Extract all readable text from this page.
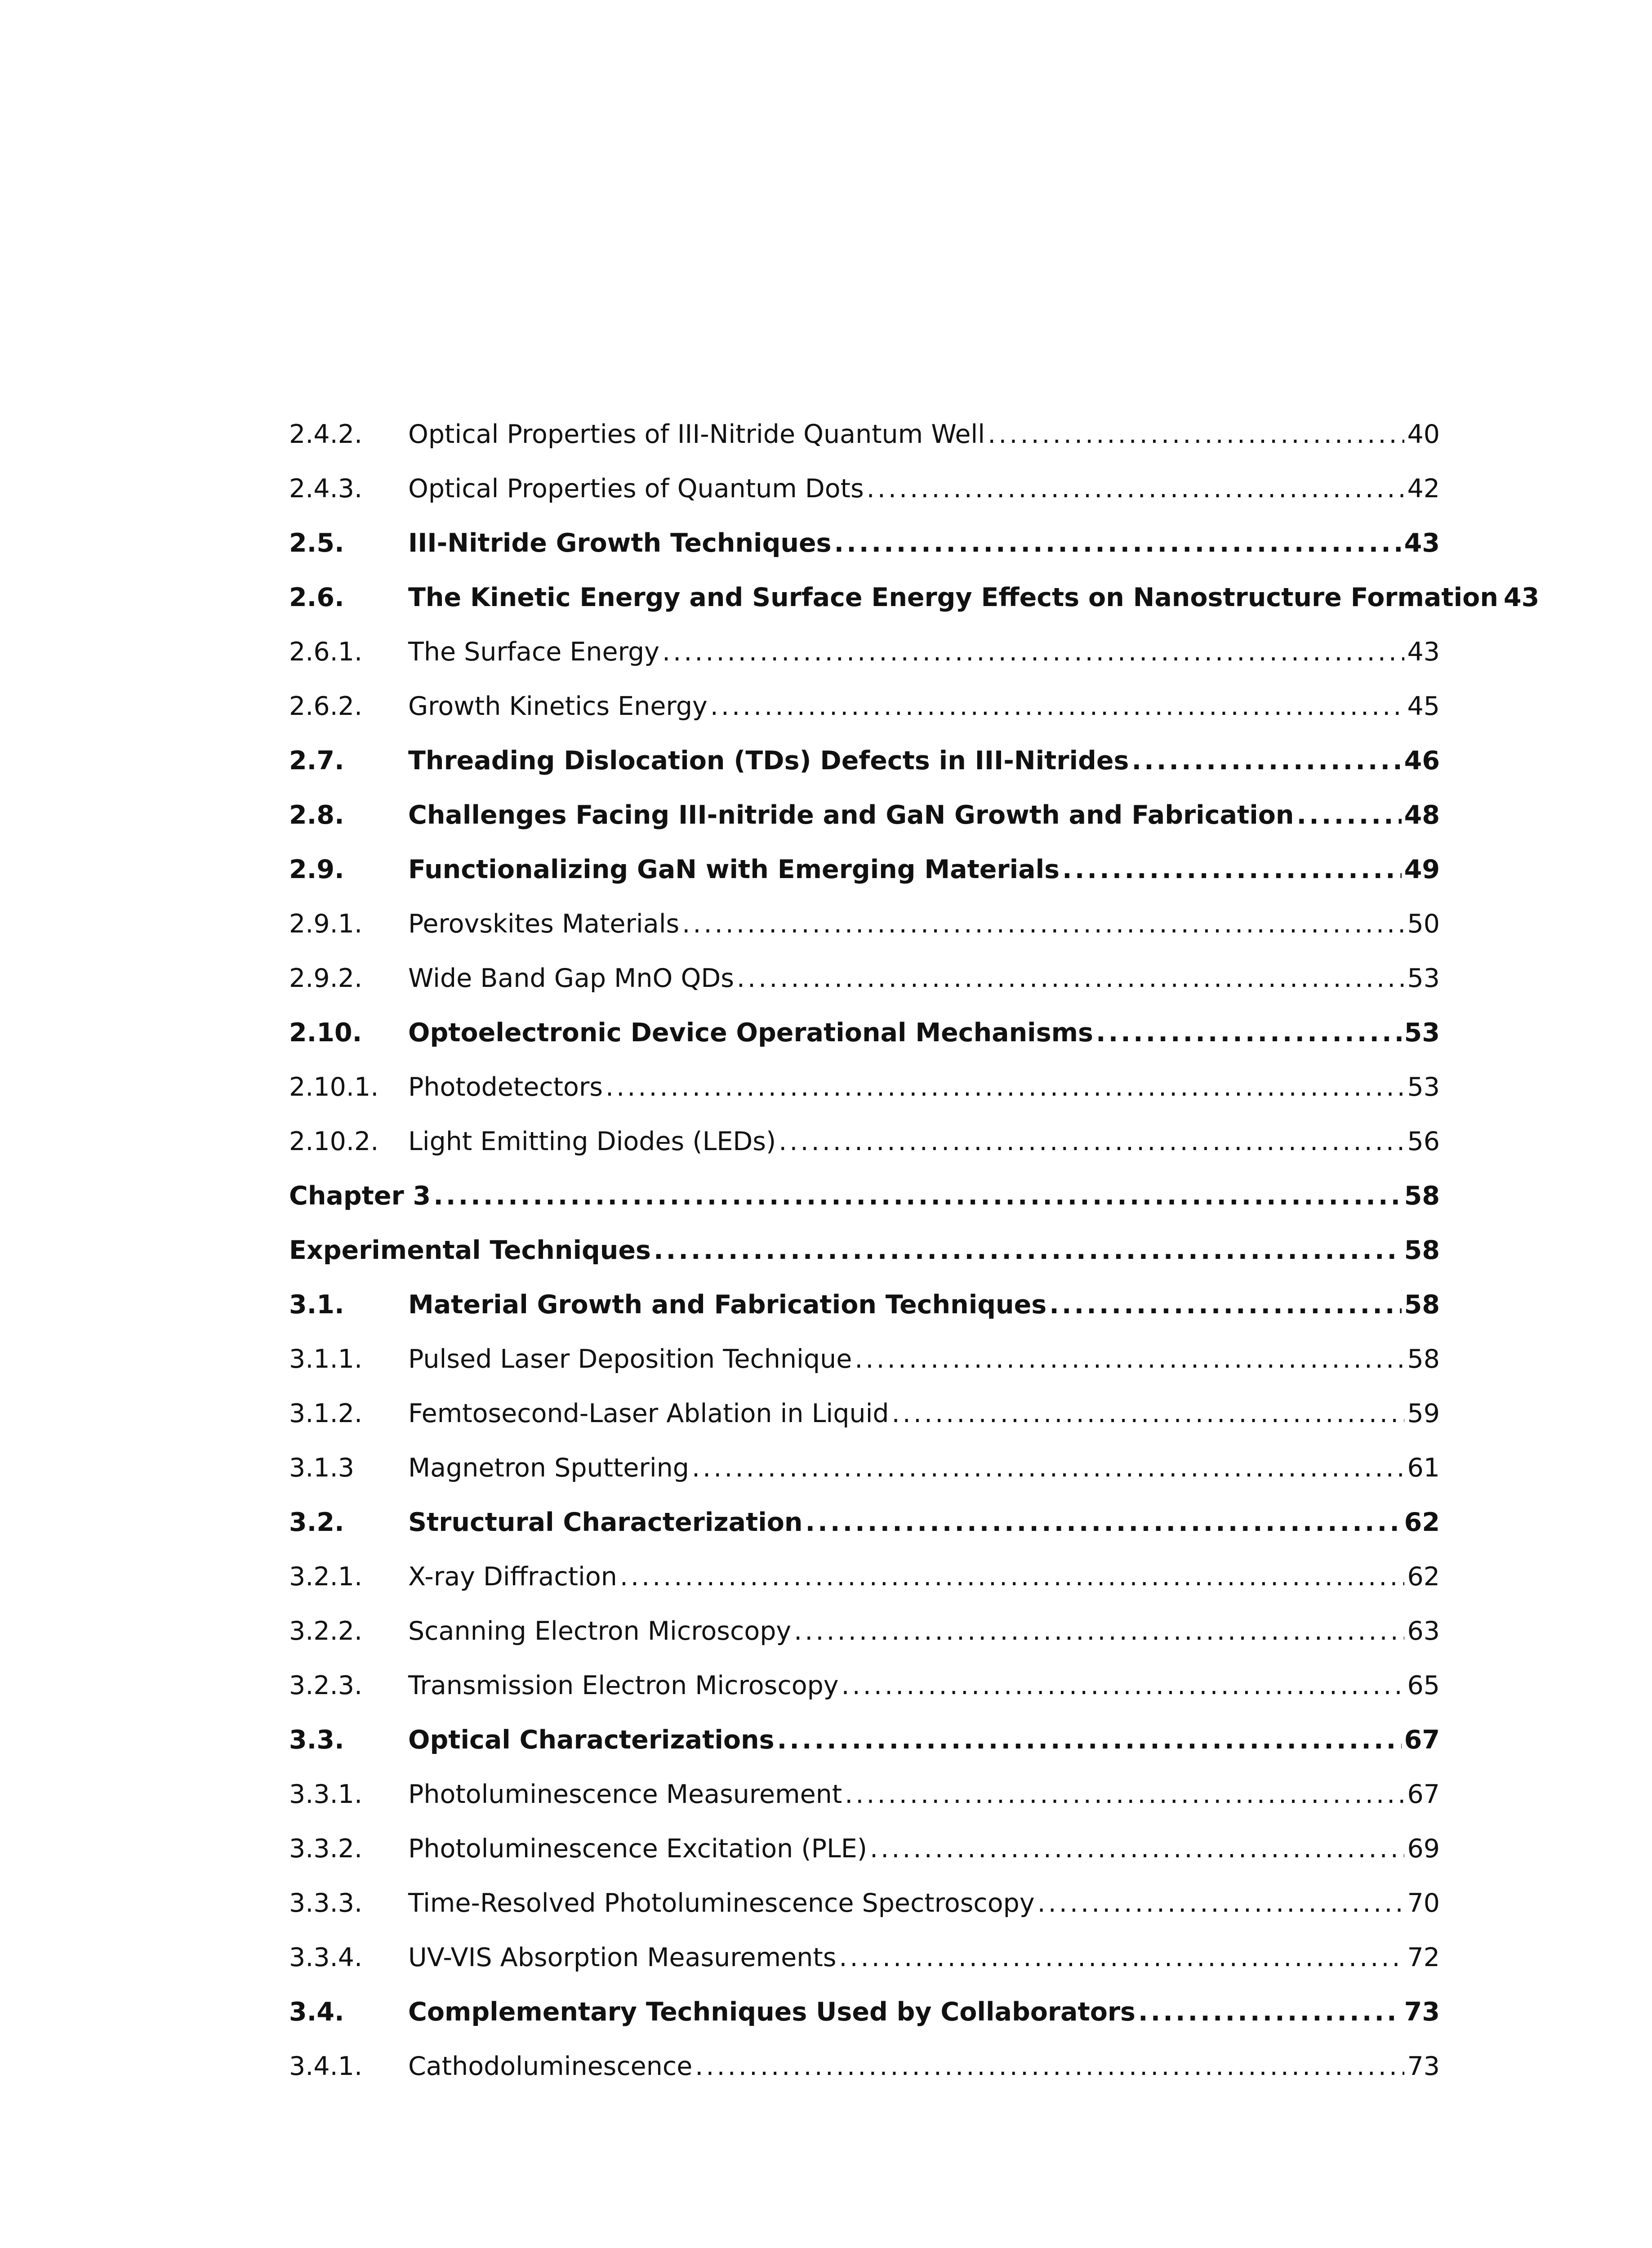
2.4.2.	Optical Properties of III-Nitride Quantum Well .....	40
2.4.3.	Optical Properties of Quantum Dots .....	42
2.5.	III-Nitride Growth Techniques .....	43
2.6.	The Kinetic Energy and Surface Energy Effects on Nanostructure Formation 43
2.6.1.	The Surface Energy .....	43
2.6.2.	Growth Kinetics Energy .....	45
2.7.	Threading Dislocation (TDs) Defects in III-Nitrides .....	46
2.8.	Challenges Facing III-nitride and GaN Growth and Fabrication .....	48
2.9.	Functionalizing GaN with Emerging Materials .....	49
2.9.1.	Perovskites Materials .....	50
2.9.2.	Wide Band Gap MnO QDs .....	53
2.10.	Optoelectronic Device Operational Mechanisms .....	53
2.10.1.	Photodetectors .....	53
2.10.2.	Light Emitting Diodes (LEDs) .....	56
Chapter 3 .....	58
Experimental Techniques .....	58
3.1.	Material Growth and Fabrication Techniques .....	58
3.1.1.	Pulsed Laser Deposition Technique .....	58
3.1.2.	Femtosecond-Laser Ablation in Liquid .....	59
3.1.3	Magnetron Sputtering .....	61
3.2.	Structural Characterization .....	62
3.2.1.	X-ray Diffraction .....	62
3.2.2.	Scanning Electron Microscopy .....	63
3.2.3.	Transmission Electron Microscopy .....	65
3.3.	Optical Characterizations .....	67
3.3.1.	Photoluminescence Measurement .....	67
3.3.2.	Photoluminescence Excitation (PLE) .....	69
3.3.3.	Time-Resolved Photoluminescence Spectroscopy .....	70
3.3.4.	UV-VIS Absorption Measurements .....	72
3.4.	Complementary Techniques Used by Collaborators .....	73
3.4.1.	Cathodoluminescence .....	73
